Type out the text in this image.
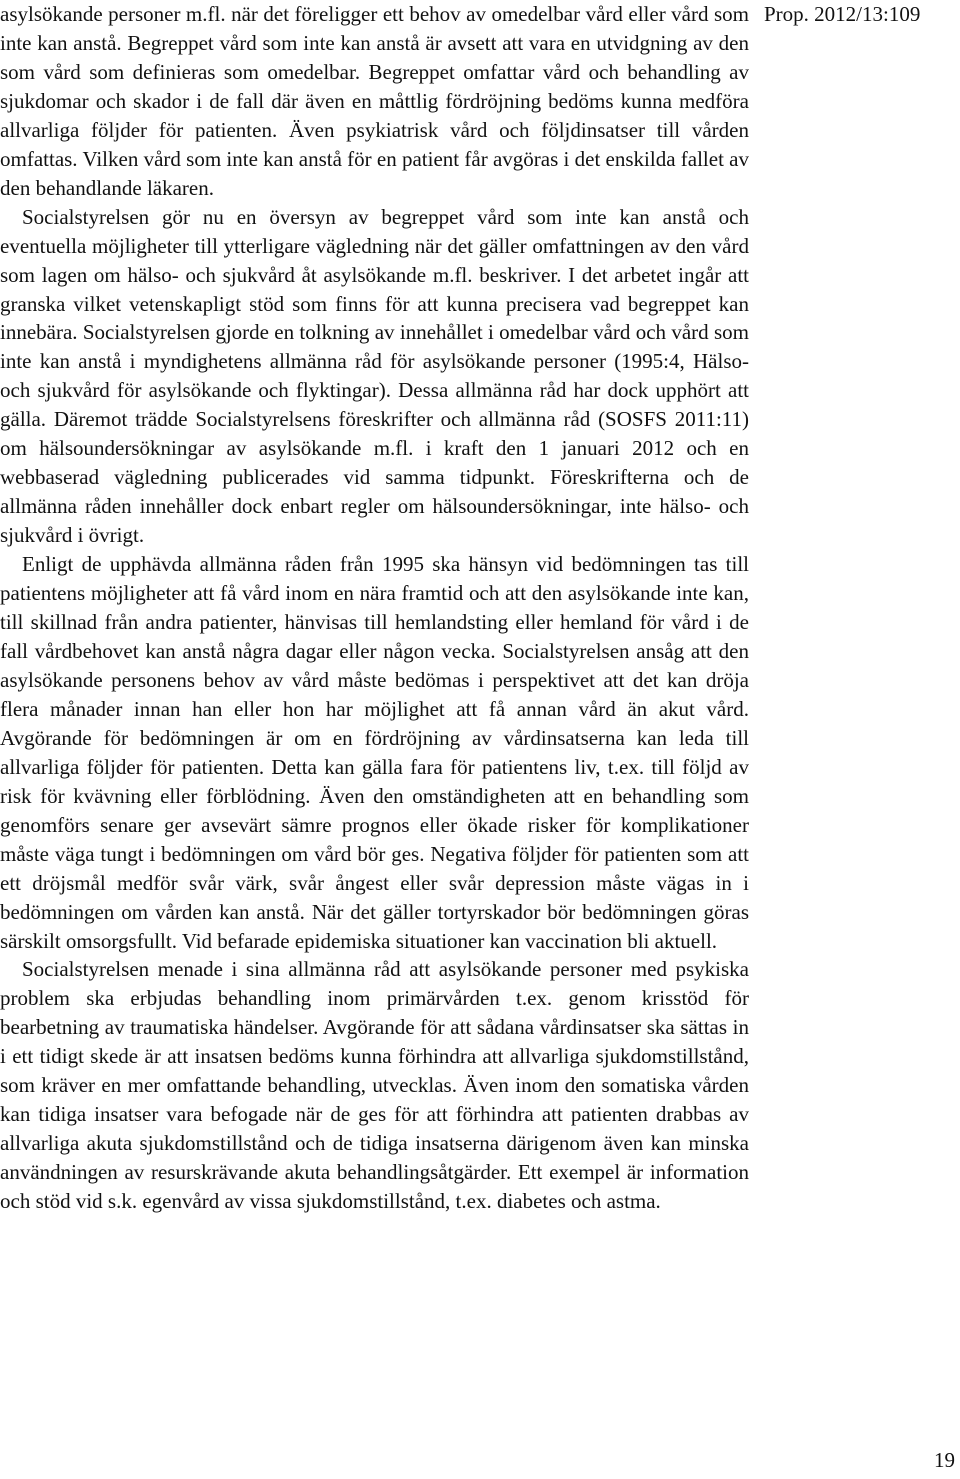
Prop. 2012/13:109

asylsökande personer m.fl. när det föreligger ett behov av omedelbar vård eller vård som inte kan anstå. Begreppet vård som inte kan anstå är avsett att vara en utvidgning av den som vård som definieras som omedelbar. Begreppet omfattar vård och behandling av sjukdomar och skador i de fall där även en måttlig fördröjning bedöms kunna medföra allvarliga följder för patienten. Även psykiatrisk vård och följdinsatser till vården omfattas. Vilken vård som inte kan anstå för en patient får avgöras i det enskilda fallet av den behandlande läkaren.

Socialstyrelsen gör nu en översyn av begreppet vård som inte kan anstå och eventuella möjligheter till ytterligare vägledning när det gäller omfattningen av den vård som lagen om hälso- och sjukvård åt asylsökande m.fl. beskriver. I det arbetet ingår att granska vilket vetenskapligt stöd som finns för att kunna precisera vad begreppet kan innebära. Socialstyrelsen gjorde en tolkning av innehållet i omedelbar vård och vård som inte kan anstå i myndighetens allmänna råd för asylsökande personer (1995:4, Hälso- och sjukvård för asylsökande och flyktingar). Dessa allmänna råd har dock upphört att gälla. Däremot trädde Socialstyrelsens föreskrifter och allmänna råd (SOSFS 2011:11) om hälsoundersökningar av asylsökande m.fl. i kraft den 1 januari 2012 och en webbaserad vägledning publicerades vid samma tidpunkt. Föreskrifterna och de allmänna råden innehåller dock enbart regler om hälsoundersökningar, inte hälso- och sjukvård i övrigt.

Enligt de upphävda allmänna råden från 1995 ska hänsyn vid bedömningen tas till patientens möjligheter att få vård inom en nära framtid och att den asylsökande inte kan, till skillnad från andra patienter, hänvisas till hemlandsting eller hemland för vård i de fall vårdbehovet kan anstå några dagar eller någon vecka. Socialstyrelsen ansåg att den asylsökande personens behov av vård måste bedömas i perspektivet att det kan dröja flera månader innan han eller hon har möjlighet att få annan vård än akut vård. Avgörande för bedömningen är om en fördröjning av vårdinsatserna kan leda till allvarliga följder för patienten. Detta kan gälla fara för patientens liv, t.ex. till följd av risk för kvävning eller förblödning. Även den omständigheten att en behandling som genomförs senare ger avsevärt sämre prognos eller ökade risker för komplikationer måste väga tungt i bedömningen om vård bör ges. Negativa följder för patienten som att ett dröjsmål medför svår värk, svår ångest eller svår depression måste vägas in i bedömningen om vården kan anstå. När det gäller tortyrskador bör bedömningen göras särskilt omsorgsfullt. Vid befarade epidemiska situationer kan vaccination bli aktuell.

Socialstyrelsen menade i sina allmänna råd att asylsökande personer med psykiska problem ska erbjudas behandling inom primärvården t.ex. genom krisstöd för bearbetning av traumatiska händelser. Avgörande för att sådana vårdinsatser ska sättas in i ett tidigt skede är att insatsen bedöms kunna förhindra att allvarliga sjukdomstillstånd, som kräver en mer omfattande behandling, utvecklas. Även inom den somatiska vården kan tidiga insatser vara befogade när de ges för att förhindra att patienten drabbas av allvarliga akuta sjukdomstillstånd och de tidiga insatserna därigenom även kan minska användningen av resurskrävande akuta behandlingsåtgärder. Ett exempel är information och stöd vid s.k. egenvård av vissa sjukdomstillstånd, t.ex. diabetes och astma.

19
